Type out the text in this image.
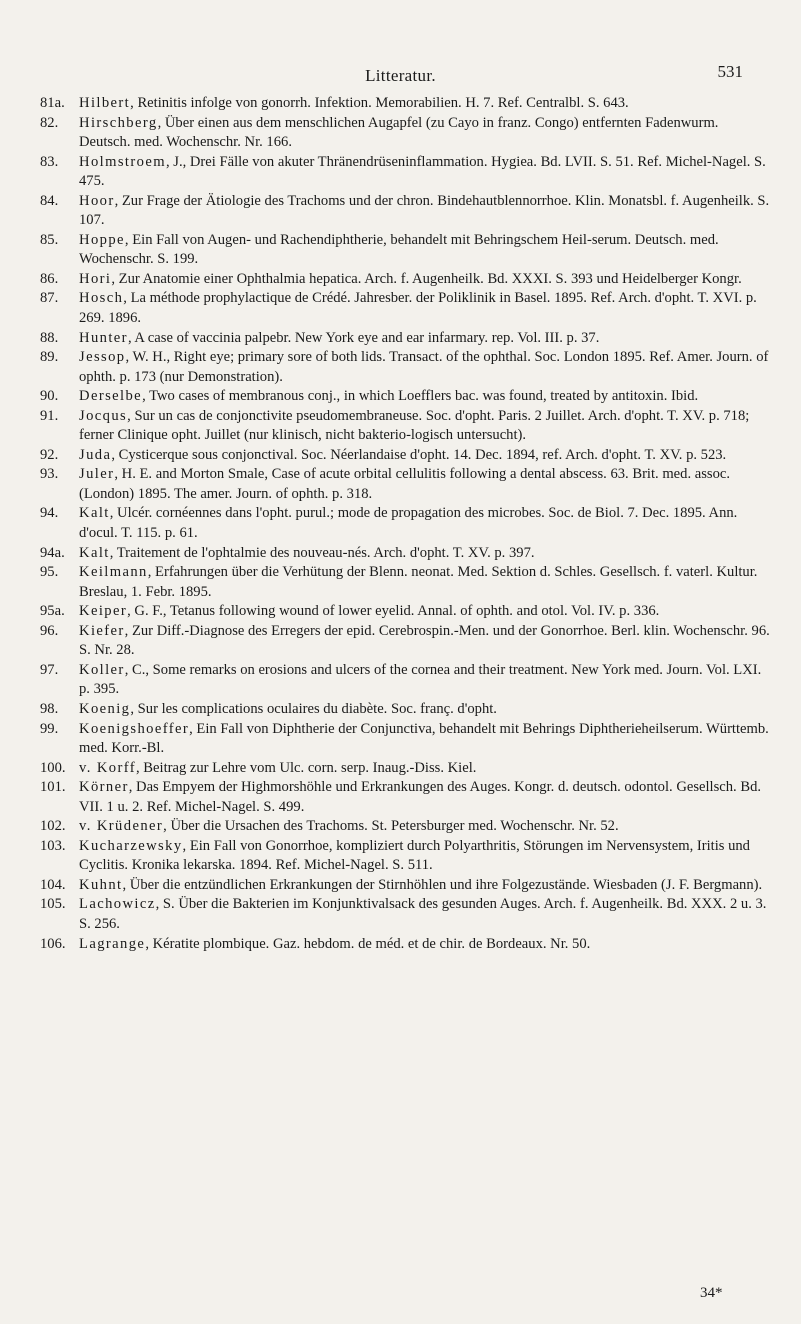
Litteratur.	531

81a. Hilbert, Retinitis infolge von gonorrh. Infektion. Memorabilien. H. 7. Ref. Centralbl. S. 643.

82. Hirschberg, Über einen aus dem menschlichen Augapfel (zu Cayo in franz. Congo) entfernten Fadenwurm. Deutsch. med. Wochenschr. Nr. 166.

83. Holmstroem, J., Drei Fälle von akuter Thränendrüseninflammation. Hygiea. Bd. LVII. S. 51. Ref. Michel-Nagel. S. 475.

84. Hoor, Zur Frage der Ätiologie des Trachoms und der chron. Bindehautblennorrhoe. Klin. Monatsbl. f. Augenheilk. S. 107.

85. Hoppe, Ein Fall von Augen- und Rachendiphtherie, behandelt mit Behringschem Heil-serum. Deutsch. med. Wochenschr. S. 199.

86. Hori, Zur Anatomie einer Ophthalmia hepatica. Arch. f. Augenheilk. Bd. XXXI. S. 393 und Heidelberger Kongr.

87. Hosch, La méthode prophylactique de Crédé. Jahresber. der Poliklinik in Basel. 1895. Ref. Arch. d'opht. T. XVI. p. 269. 1896.

88. Hunter, A case of vaccinia palpebr. New York eye and ear infarmary. rep. Vol. III. p. 37.

89. Jessop, W. H., Right eye; primary sore of both lids. Transact. of the ophthal. Soc. London 1895. Ref. Amer. Journ. of ophth. p. 173 (nur Demonstration).

90. Derselbe, Two cases of membranous conj., in which Loefflers bac. was found, treated by antitoxin. Ibid.

91. Jocqus, Sur un cas de conjonctivite pseudomembraneuse. Soc. d'opht. Paris. 2 Juillet. Arch. d'opht. T. XV. p. 718; ferner Clinique opht. Juillet (nur klinisch, nicht bakterio-logisch untersucht).

92. Juda, Cysticerque sous conjonctival. Soc. Néerlandaise d'opht. 14. Dec. 1894, ref. Arch. d'opht. T. XV. p. 523.

93. Juler, H. E. and Morton Smale, Case of acute orbital cellulitis following a dental abscess. 63. Brit. med. assoc. (London) 1895. The amer. Journ. of ophth. p. 318.

94. Kalt, Ulcér. cornéennes dans l'opht. purul.; mode de propagation des microbes. Soc. de Biol. 7. Dec. 1895. Ann. d'ocul. T. 115. p. 61.

94a. Kalt, Traitement de l'ophtalmie des nouveau-nés. Arch. d'opht. T. XV. p. 397.

95. Keilmann, Erfahrungen über die Verhütung der Blenn. neonat. Med. Sektion d. Schles. Gesellsch. f. vaterl. Kultur. Breslau, 1. Febr. 1895.

95a. Keiper, G. F., Tetanus following wound of lower eyelid. Annal. of ophth. and otol. Vol. IV. p. 336.

96. Kiefer, Zur Diff.-Diagnose des Erregers der epid. Cerebrospin.-Men. und der Gonorrhoe. Berl. klin. Wochenschr. 96. S. Nr. 28.

97. Koller, C., Some remarks on erosions and ulcers of the cornea and their treatment. New York med. Journ. Vol. LXI. p. 395.

98. Koenig, Sur les complications oculaires du diabète. Soc. franç. d'opht.

99. Koenigshoeffer, Ein Fall von Diphtherie der Conjunctiva, behandelt mit Behrings Diphtherieheilserum. Württemb. med. Korr.-Bl.

100. v. Korff, Beitrag zur Lehre vom Ulc. corn. serp. Inaug.-Diss. Kiel.

101. Körner, Das Empyem der Highmorshöhle und Erkrankungen des Auges. Kongr. d. deutsch. odontol. Gesellsch. Bd. VII. 1 u. 2. Ref. Michel-Nagel. S. 499.

102. v. Krüdener, Über die Ursachen des Trachoms. St. Petersburger med. Wochenschr. Nr. 52.

103. Kucharzewsky, Ein Fall von Gonorrhoe, kompliziert durch Polyarthritis, Störungen im Nervensystem, Iritis und Cyclitis. Kronika lekarska. 1894. Ref. Michel-Nagel. S. 511.

104. Kuhnt, Über die entzündlichen Erkrankungen der Stirnhöhlen und ihre Folgezustände. Wiesbaden (J. F. Bergmann).

105. Lachowicz, S. Über die Bakterien im Konjunktivalsack des gesunden Auges. Arch. f. Augenheilk. Bd. XXX. 2 u. 3. S. 256.

106. Lagrange, Kératite plombique. Gaz. hebdom. de méd. et de chir. de Bordeaux. Nr. 50.

34*
